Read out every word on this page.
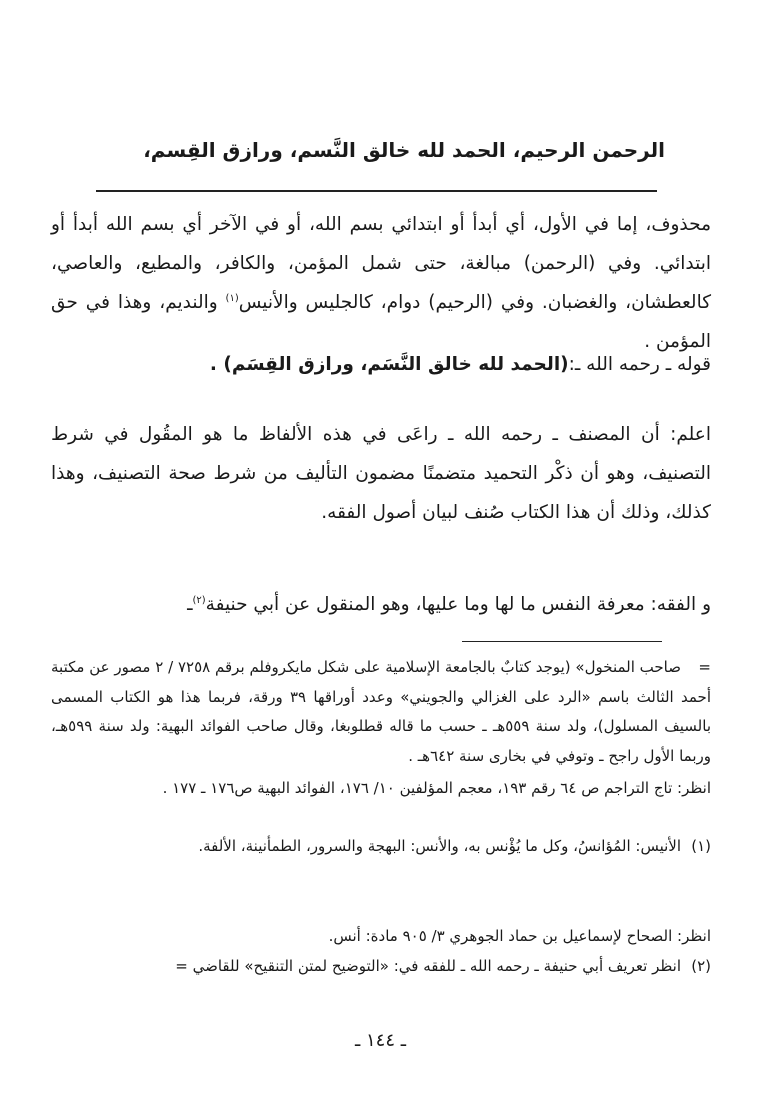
الرحمن الرحيم، الحمد لله خالق النَّسم، ورازق القِسم،
محذوف، إما في الأول، أي أبدأ أو ابتدائي بسم الله، أو في الآخر أي بسم الله أبدأ أو ابتدائي. وفي (الرحمن) مبالغة، حتى شمل المؤمن، والكافر، والمطيع، والعاصي، كالعطشان، والغضبان. وفي (الرحيم) دوام، كالجليس والأنيس$^{(١)}$ والنديم، وهذا في حق المؤمن .
قوله ـ رحمه الله ـ:(الحمد لله خالق النَّسَم، ورازق القِسَم) .
اعلم: أن المصنف ـ رحمه الله ـ راعَى في هذه الألفاظ ما هو المقُول في شرط التصنيف، وهو أن ذكْر التحميد متضمنًا مضمون التأليف من شرط صحة التصنيف، وهذا كذلك، وذلك أن هذا الكتاب صُنف لبيان أصول الفقه.
و الفقه: معرفة النفس ما لها وما عليها، وهو المنقول عن أبي حنيفة$^{(٢)}$ـ
=صاحب المنخول» (يوجد كتابٌ بالجامعة الإسلامية على شكل مايكروفلم برقم ٧٢٥٨ / ٢ مصور عن مكتبة أحمد الثالث باسم «الرد على الغزالي والجويني» وعدد أوراقها ٣٩ ورقة، فربما هذا هو الكتاب المسمى بالسيف المسلول)، ولد سنة ٥٥٩هـ ـ حسب ما قاله قطلوبغا، وقال صاحب الفوائد البهية: ولد سنة ٥٩٩هـ، وربما الأول راجح ـ وتوفي في بخارى سنة ٦٤٢هـ .
انظر: تاج التراجم ص ٦٤ رقم ١٩٣، معجم المؤلفين ١٠/ ١٧٦، الفوائد البهية ص١٧٦ ـ ١٧٧ .
(١)الأنيس: المُؤانسُ، وكل ما يُؤْنس به، والأنس: البهجة والسرور، الطمأنينة، الألفة.
انظر: الصحاح لإسماعيل بن حماد الجوهري ٣/ ٩٠٥ مادة: أنس.
(٢)انظر تعريف أبي حنيفة ـ رحمه الله ـ للفقه في: «التوضيح لمتن التنقيح» للقاضي =
ـ ١٤٤ ـ
